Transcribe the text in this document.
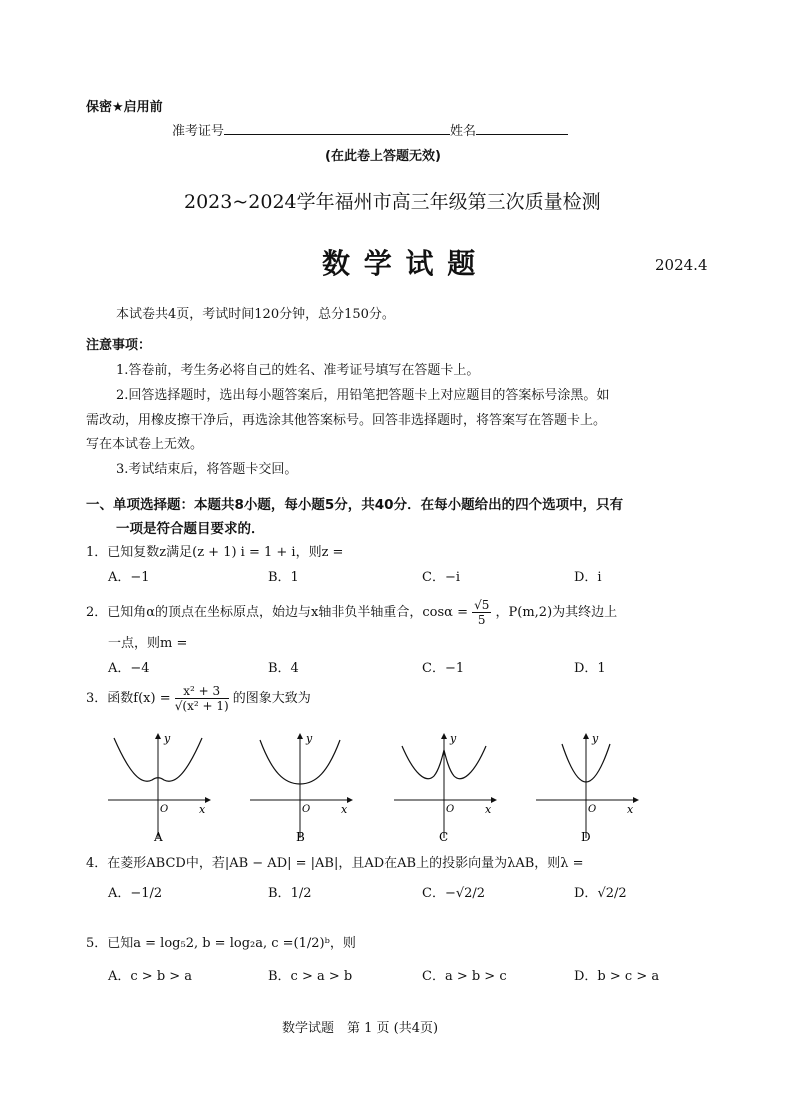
保密★启用前
准考证号	姓名
(在此卷上答题无效)
2023~2024学年福州市高三年级第三次质量检测
数 学 试 题	2024.4
本试卷共4页，考试时间120分钟，总分150分。
注意事项：
1.答卷前，考生务必将自己的姓名、准考证号填写在答题卡上。
2.回答选择题时，选出每小题答案后，用铅笔把答题卡上对应题目的答案标号涂黑。如
需改动，用橡皮擦干净后，再选涂其他答案标号。回答非选择题时，将答案写在答题卡上。
写在本试卷上无效。
3.考试结束后，将答题卡交回。
一、单项选择题：本题共8小题，每小题5分，共40分．在每小题给出的四个选项中，只有
一项是符合题目要求的．
1．已知复数z满足(z + 1) i = 1 + i，则z =
A．−1	B．1	C．−i	D．i
2．已知角α的顶点在坐标原点，始边与x轴非负半轴重合，$\cos\alpha = \frac{√5}{5}$ ，P(m,2)为其终边上
一点，则m =
A．−4	B．4	C．−1	D．1
3．函数$f(x) = \frac{\text{x² + 3}}{\text{√(x² + 1)}}$ 的图象大致为
y
x
O
A
y
x
O
B
y
x
O
C
y
x
O
D
4．在菱形ABCD中，若|AB − AD| = |AB|，且AD在AB上的投影向量为λAB，则λ =
A．−1/2	B．1/2	C．−√2/2	D．√2/2
5．已知a = log₅2, b = log₂a, c =(1/2)ᵇ，则
A．c > b > a	B．c > a > b	C．a > b > c	D．b > c > a
数学试题　第 1 页 (共4页)
